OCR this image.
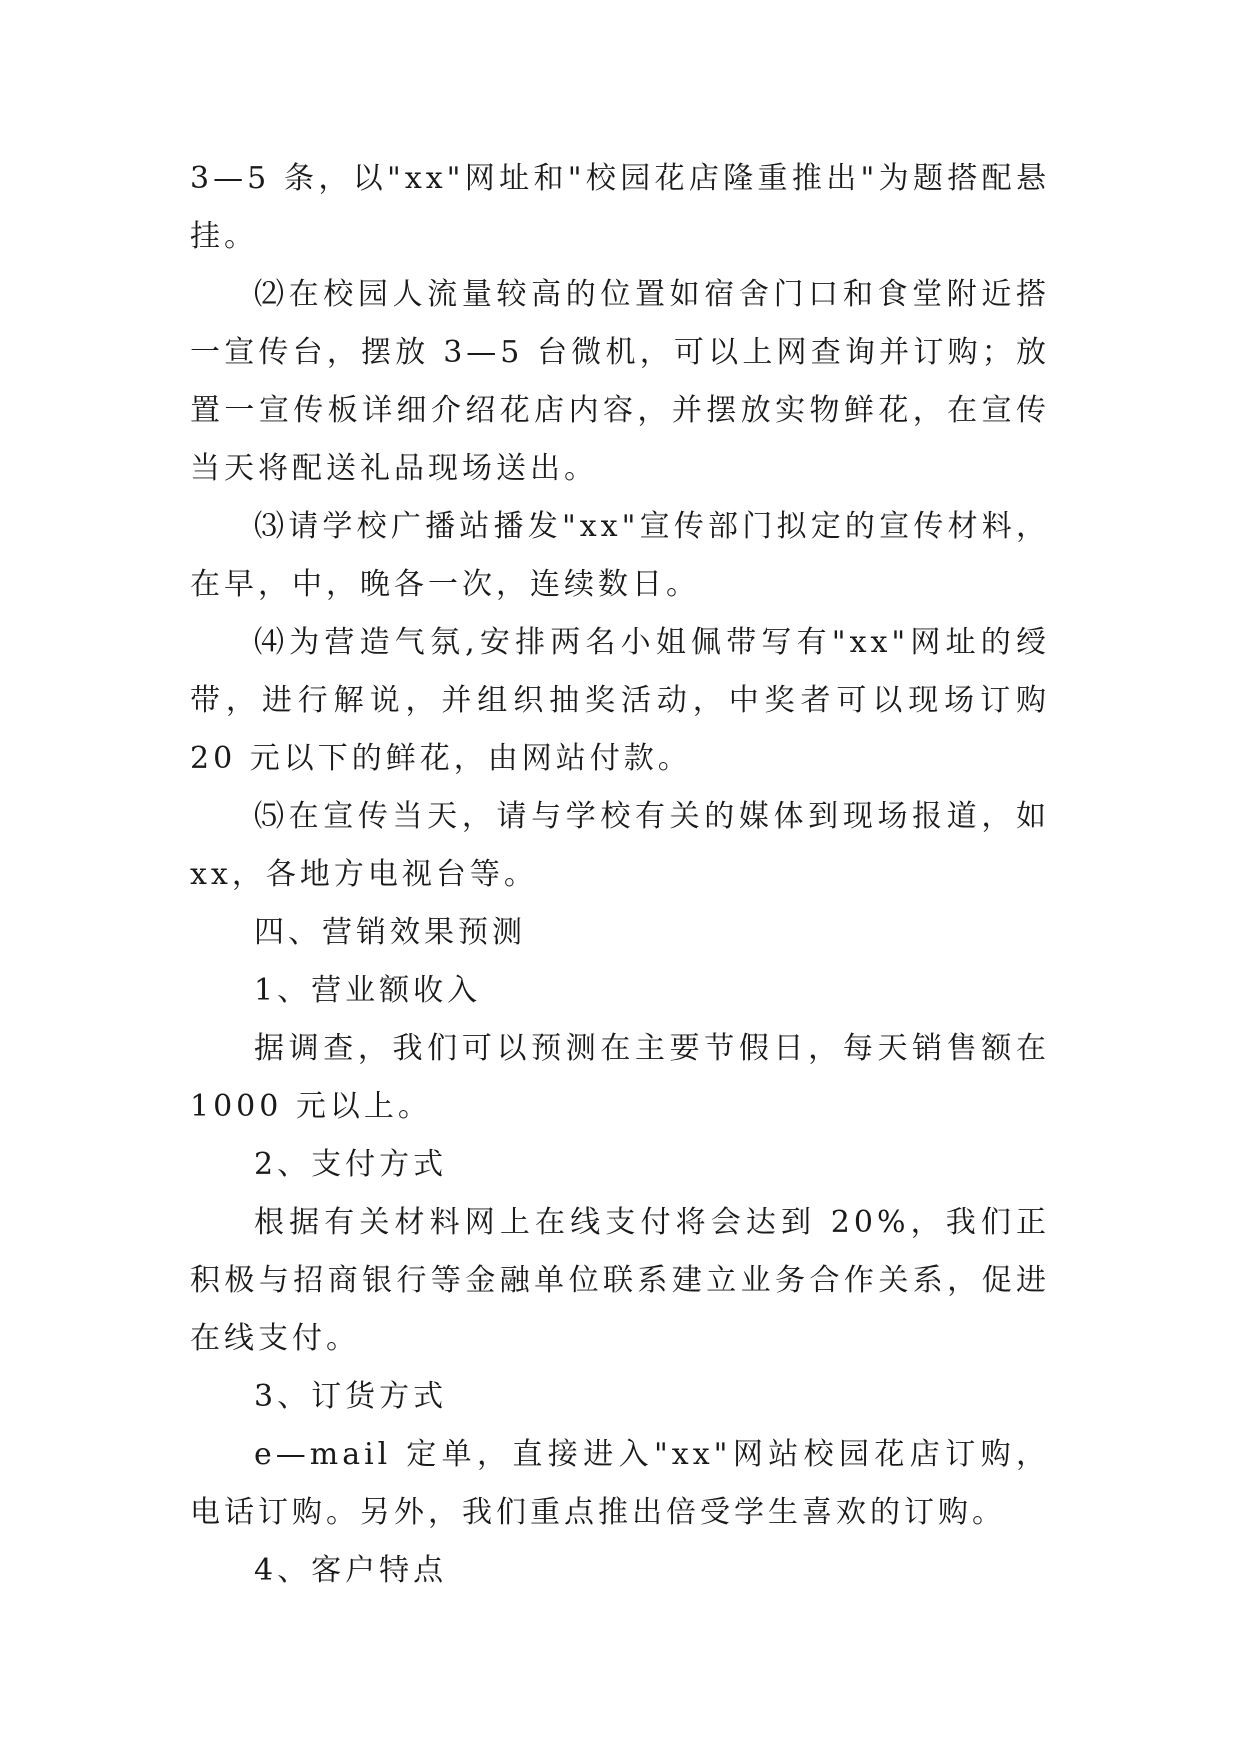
3—5 条，以"xx"网址和"校园花店隆重推出"为题搭配悬挂。

⑵在校园人流量较高的位置如宿舍门口和食堂附近搭一宣传台，摆放 3—5 台微机，可以上网查询并订购；放置一宣传板详细介绍花店内容，并摆放实物鲜花，在宣传当天将配送礼品现场送出。

⑶请学校广播站播发"xx"宣传部门拟定的宣传材料，在早，中，晚各一次，连续数日。

⑷为营造气氛,安排两名小姐佩带写有"xx"网址的绶带，进行解说，并组织抽奖活动，中奖者可以现场订购 20 元以下的鲜花，由网站付款。

⑸在宣传当天，请与学校有关的媒体到现场报道，如 xx，各地方电视台等。

四、营销效果预测

1、营业额收入

据调查，我们可以预测在主要节假日，每天销售额在 1000 元以上。

2、支付方式

根据有关材料网上在线支付将会达到 20%，我们正积极与招商银行等金融单位联系建立业务合作关系，促进在线支付。

3、订货方式

e—mail 定单，直接进入"xx"网站校园花店订购，电话订购。另外，我们重点推出倍受学生喜欢的订购。

4、客户特点
